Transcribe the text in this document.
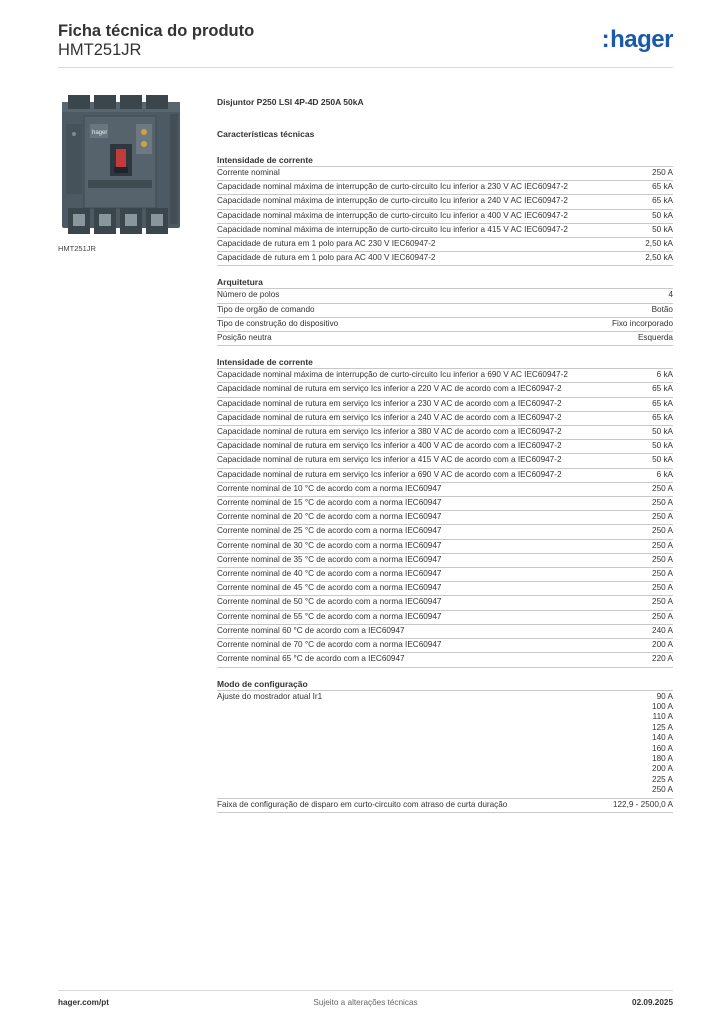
Ficha técnica do produto
HMT251JR	:hager
hager
HMT251JR
Disjuntor P250 LSI 4P-4D 250A 50kA
Características técnicas
Intensidade de corrente
Corrente nominal	250 A
Capacidade nominal máxima de interrupção de curto-circuito Icu inferior a 230 V AC IEC60947-2	65 kA
Capacidade nominal máxima de interrupção de curto-circuito Icu inferior a 240 V AC IEC60947-2	65 kA
Capacidade nominal máxima de interrupção de curto-circuito Icu inferior a 400 V AC IEC60947-2	50 kA
Capacidade nominal máxima de interrupção de curto-circuito Icu inferior a 415 V AC IEC60947-2	50 kA
Capacidade de rutura em 1 polo para AC 230 V IEC60947-2	2,50 kA
Capacidade de rutura em 1 polo para AC 400 V IEC60947-2	2,50 kA
Arquitetura
Número de polos	4
Tipo de orgão de comando	Botão
Tipo de construção do dispositivo	Fixo incorporado
Posição neutra	Esquerda
Intensidade de corrente
Capacidade nominal máxima de interrupção de curto-circuito Icu inferior a 690 V AC IEC60947-2	6 kA
Capacidade nominal de rutura em serviço Ics inferior a 220 V AC de acordo com a IEC60947-2	65 kA
Capacidade nominal de rutura em serviço Ics inferior a 230 V AC de acordo com a IEC60947-2	65 kA
Capacidade nominal de rutura em serviço Ics inferior a 240 V AC de acordo com a IEC60947-2	65 kA
Capacidade nominal de rutura em serviço Ics inferior a 380 V AC de acordo com a IEC60947-2	50 kA
Capacidade nominal de rutura em serviço Ics inferior a 400 V AC de acordo com a IEC60947-2	50 kA
Capacidade nominal de rutura em serviço Ics inferior a 415 V AC de acordo com a IEC60947-2	50 kA
Capacidade nominal de rutura em serviço Ics inferior a 690 V AC de acordo com a IEC60947-2	6 kA
Corrente nominal de 10 °C de acordo com a norma IEC60947	250 A
Corrente nominal de 15 °C de acordo com a norma IEC60947	250 A
Corrente nominal de 20 °C de acordo com a norma IEC60947	250 A
Corrente nominal de 25 °C de acordo com a norma IEC60947	250 A
Corrente nominal de 30 °C de acordo com a norma IEC60947	250 A
Corrente nominal de 35 °C de acordo com a norma IEC60947	250 A
Corrente nominal de 40 °C de acordo com a norma IEC60947	250 A
Corrente nominal de 45 °C de acordo com a norma IEC60947	250 A
Corrente nominal de 50 °C de acordo com a norma IEC60947	250 A
Corrente nominal de 55 °C de acordo com a norma IEC60947	250 A
Corrente nominal 60 °C de acordo com a IEC60947	240 A
Corrente nominal de 70 °C de acordo com a norma IEC60947	200 A
Corrente nominal 65 °C de acordo com a IEC60947	220 A
Modo de configuração
Ajuste do mostrador atual Ir1	90 A
100 A
110 A
125 A
140 A
160 A
180 A
200 A
225 A
250 A
Faixa de configuração de disparo em curto-circuito com atraso de curta duração	122,9 - 2500,0 A
hager.com/pt	Sujeito a alterações técnicas	02.09.2025
